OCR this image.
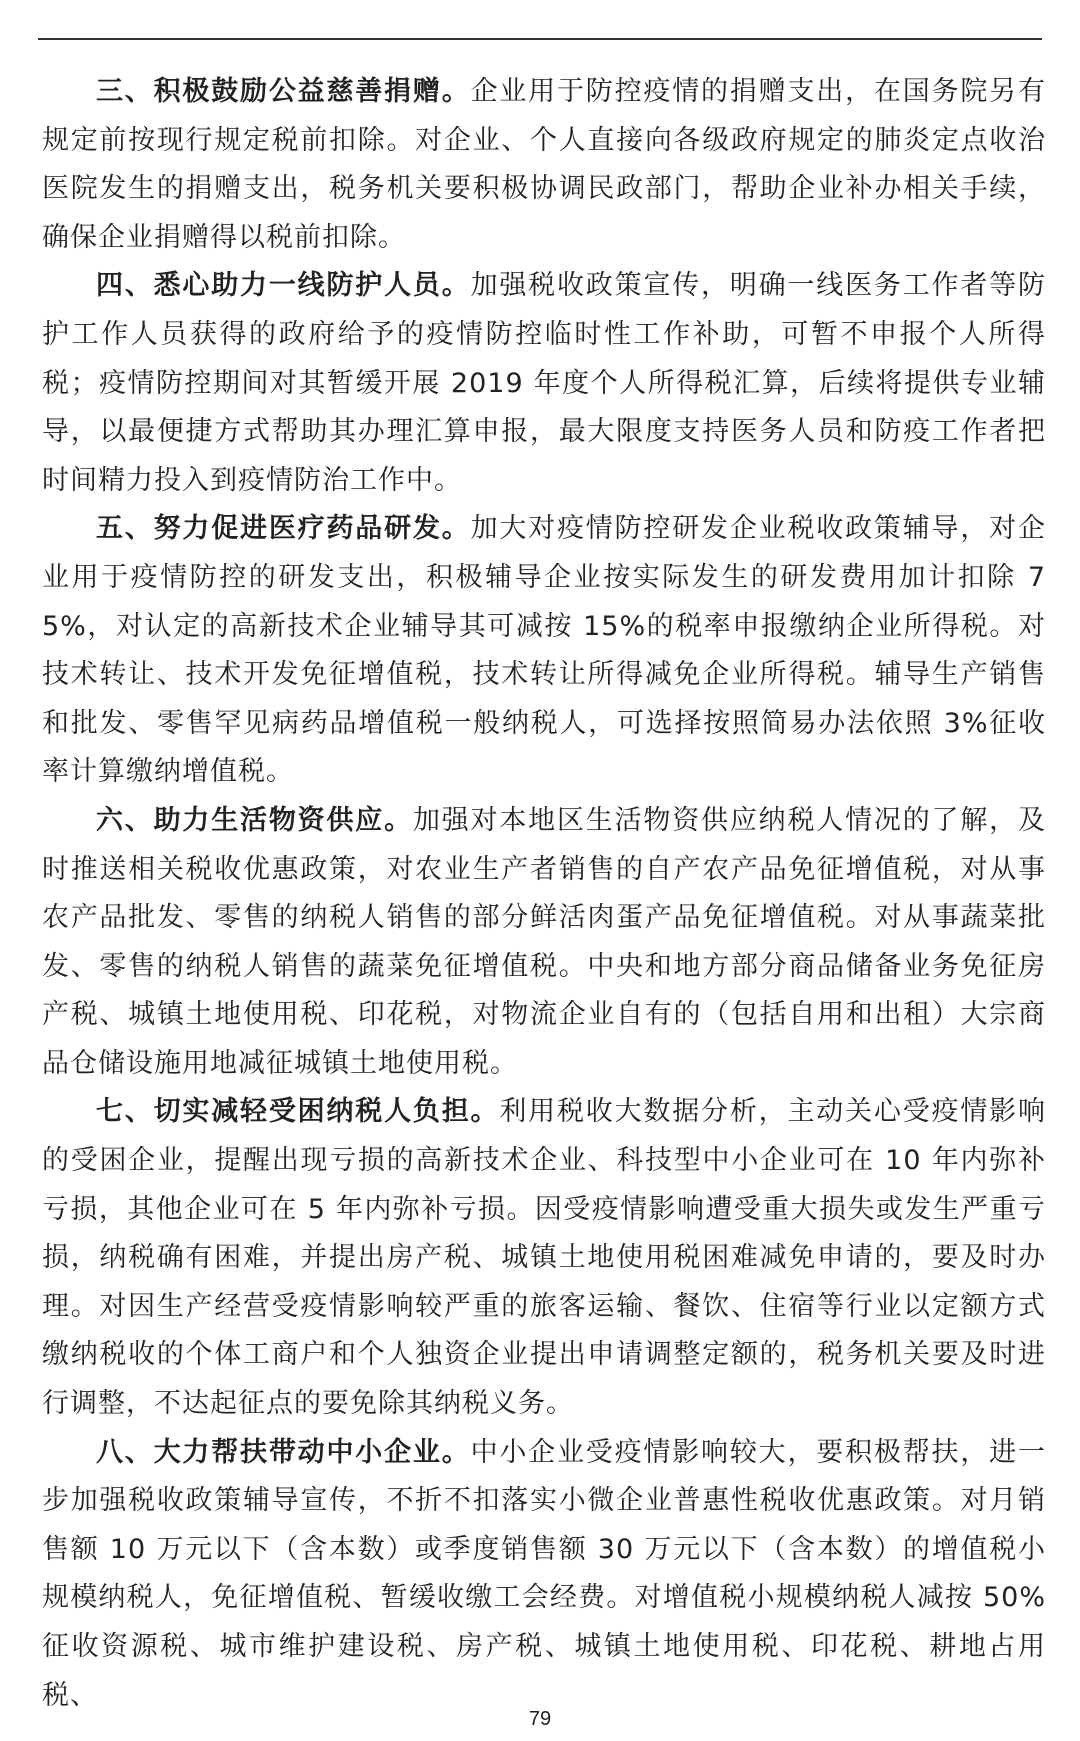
三、积极鼓励公益慈善捐赠。企业用于防控疫情的捐赠支出，在国务院另有规定前按现行规定税前扣除。对企业、个人直接向各级政府规定的肺炎定点收治医院发生的捐赠支出，税务机关要积极协调民政部门，帮助企业补办相关手续，确保企业捐赠得以税前扣除。

四、悉心助力一线防护人员。加强税收政策宣传，明确一线医务工作者等防护工作人员获得的政府给予的疫情防控临时性工作补助，可暂不申报个人所得税；疫情防控期间对其暂缓开展 2019 年度个人所得税汇算，后续将提供专业辅导，以最便捷方式帮助其办理汇算申报，最大限度支持医务人员和防疫工作者把时间精力投入到疫情防治工作中。

五、努力促进医疗药品研发。加大对疫情防控研发企业税收政策辅导，对企业用于疫情防控的研发支出，积极辅导企业按实际发生的研发费用加计扣除 75%，对认定的高新技术企业辅导其可减按 15%的税率申报缴纳企业所得税。对技术转让、技术开发免征增值税，技术转让所得减免企业所得税。辅导生产销售和批发、零售罕见病药品增值税一般纳税人，可选择按照简易办法依照 3%征收率计算缴纳增值税。

六、助力生活物资供应。加强对本地区生活物资供应纳税人情况的了解，及时推送相关税收优惠政策，对农业生产者销售的自产农产品免征增值税，对从事农产品批发、零售的纳税人销售的部分鲜活肉蛋产品免征增值税。对从事蔬菜批发、零售的纳税人销售的蔬菜免征增值税。中央和地方部分商品储备业务免征房产税、城镇土地使用税、印花税，对物流企业自有的（包括自用和出租）大宗商品仓储设施用地减征城镇土地使用税。

七、切实减轻受困纳税人负担。利用税收大数据分析，主动关心受疫情影响的受困企业，提醒出现亏损的高新技术企业、科技型中小企业可在 10 年内弥补亏损，其他企业可在 5 年内弥补亏损。因受疫情影响遭受重大损失或发生严重亏损，纳税确有困难，并提出房产税、城镇土地使用税困难减免申请的，要及时办理。对因生产经营受疫情影响较严重的旅客运输、餐饮、住宿等行业以定额方式缴纳税收的个体工商户和个人独资企业提出申请调整定额的，税务机关要及时进行调整，不达起征点的要免除其纳税义务。

八、大力帮扶带动中小企业。中小企业受疫情影响较大，要积极帮扶，进一步加强税收政策辅导宣传，不折不扣落实小微企业普惠性税收优惠政策。对月销售额 10 万元以下（含本数）或季度销售额 30 万元以下（含本数）的增值税小规模纳税人，免征增值税、暂缓收缴工会经费。对增值税小规模纳税人减按 50%征收资源税、城市维护建设税、房产税、城镇土地使用税、印花税、耕地占用税、

79
